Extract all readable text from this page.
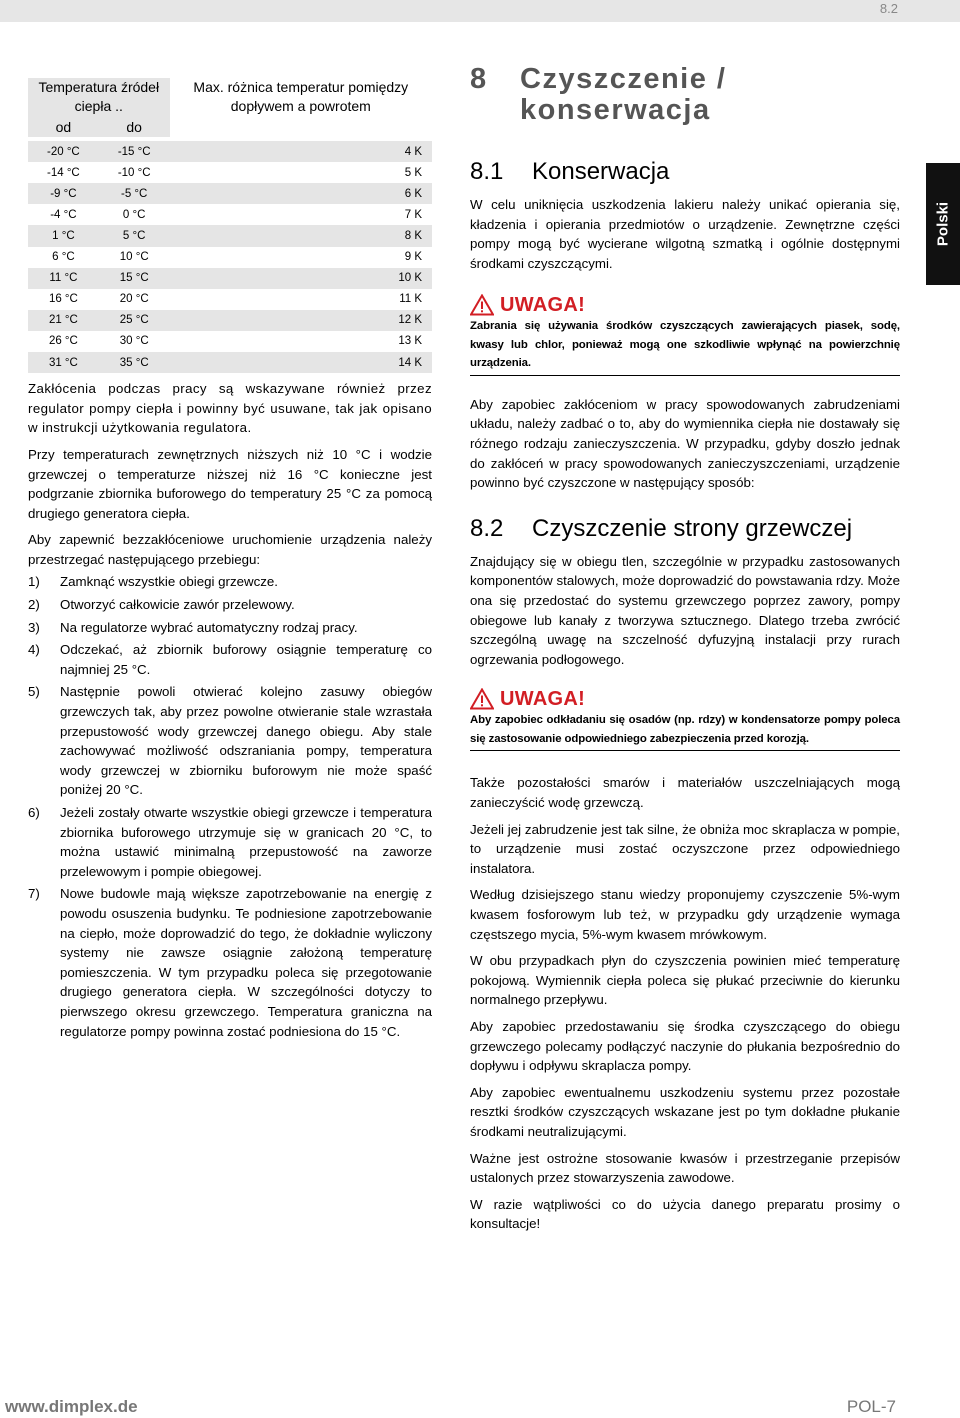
8.2
Polski
Temperatura źródeł ciepła ..		Max. różnica temperatur pomiędzy dopływem a powrotem
od	do	

-20 °C	-15 °C	4 K
-14 °C	-10 °C	5 K
-9 °C	-5 °C	6 K
-4 °C	0 °C	7 K
1 °C	5 °C	8 K
6 °C	10 °C	9 K
11 °C	15 °C	10 K
16 °C	20 °C	11 K
21 °C	25 °C	12 K
26 °C	30 °C	13 K
31 °C	35 °C	14 K

Zakłócenia podczas pracy są wskazywane również przez regulator pompy ciepła i powinny być usuwane, tak jak opisano w instrukcji użytkowania regulatora.

Przy temperaturach zewnętrznych niższych niż 10 °C i wodzie grzewczej o temperaturze niższej niż 16 °C konieczne jest podgrzanie zbiornika buforowego do temperatury 25 °C za pomocą drugiego generatora ciepła.

Aby zapewnić bezzakłóceniowe uruchomienie urządzenia należy przestrzegać następującego przebiegu:

1) Zamknąć wszystkie obiegi grzewcze.
2) Otworzyć całkowicie zawór przelewowy.
3) Na regulatorze wybrać automatyczny rodzaj pracy.
4) Odczekać, aż zbiornik buforowy osiągnie temperaturę co najmniej 25 °C.
5) Następnie powoli otwierać kolejno zasuwy obiegów grzewczych tak, aby przez powolne otwieranie stale wzrastała przepustowość wody grzewczej danego obiegu. Aby stale zachowywać możliwość odszraniania pompy, temperatura wody grzewczej w zbiorniku buforowym nie może spaść poniżej 20 °C.
6) Jeżeli zostały otwarte wszystkie obiegi grzewcze i temperatura zbiornika buforowego utrzymuje się w granicach 20 °C, to można ustawić minimalną przepustowość na zaworze przelewowym i pompie obiegowej.
7) Nowe budowle mają większe zapotrzebowanie na energię z powodu osuszenia budynku. Te podniesione zapotrzebowanie na ciepło, może doprowadzić do tego, że dokładnie wyliczony systemy nie zawsze osiągnie założoną temperaturę pomieszczenia. W tym przypadku poleca się przegotowanie drugiego generatora ciepła. W szczególności dotyczy to pierwszego okresu grzewczego. Temperatura graniczna na regulatorze pompy powinna zostać podniesiona do 15 °C.
8 Czyszczenie /
konserwacja
8.1 Konserwacja

W celu uniknięcia uszkodzenia lakieru należy unikać opierania się, kładzenia i opierania przedmiotów o urządzenie. Zewnętrzne części pompy mogą być wycierane wilgotną szmatką i ogólnie dostępnymi środkami czyszczącymi.

UWAGA!
Zabrania się używania środków czyszczących zawierających piasek, sodę, kwasy lub chlor, ponieważ mogą one szkodliwie wpłynąć na powierzchnię urządzenia.

Aby zapobiec zakłóceniom w pracy spowodowanych zabrudzeniami układu, należy zadbać o to, aby do wymiennika ciepła nie dostawały się różnego rodzaju zanieczyszczenia. W przypadku, gdyby doszło jednak do zakłóceń w pracy spowodowanych zanieczyszczeniami, urządzenie powinno być czyszczone w następujący sposób:

8.2 Czyszczenie strony grzewczej

Znajdujący się w obiegu tlen, szczególnie w przypadku zastosowanych komponentów stalowych, może doprowadzić do powstawania rdzy. Może ona się przedostać do systemu grzewczego poprzez zawory, pompy obiegowe lub kanały z tworzywa sztucznego. Dlatego trzeba zwrócić szczególną uwagę na szczelność dyfuzyjną instalacji przy rurach ogrzewania podłogowego.

UWAGA!
Aby zapobiec odkładaniu się osadów (np. rdzy) w kondensatorze pompy poleca się zastosowanie odpowiedniego zabezpieczenia przed korozją.

Także pozostałości smarów i materiałów uszczelniających mogą zanieczyścić wodę grzewczą.

Jeżeli jej zabrudzenie jest tak silne, że obniża moc skraplacza w pompie, to urządzenie musi zostać oczyszczone przez odpowiedniego instalatora.

Według dzisiejszego stanu wiedzy proponujemy czyszczenie 5%-wym kwasem fosforowym lub też, w przypadku gdy urządzenie wymaga częstszego mycia, 5%-wym kwasem mrówkowym.

W obu przypadkach płyn do czyszczenia powinien mieć temperaturę pokojową. Wymiennik ciepła poleca się płukać przeciwnie do kierunku normalnego przepływu.

Aby zapobiec przedostawaniu się środka czyszczącego do obiegu grzewczego polecamy podłączyć naczynie do płukania bezpośrednio do dopływu i odpływu skraplacza pompy.

Aby zapobiec ewentualnemu uszkodzeniu systemu przez pozostałe resztki środków czyszczących wskazane jest po tym dokładne płukanie środkami neutralizującymi.

Ważne jest ostrożne stosowanie kwasów i przestrzeganie przepisów ustalonych przez stowarzyszenia zawodowe.

W razie wątpliwości co do użycia danego preparatu prosimy o konsultacje!

www.dimplex.de	POL-7
